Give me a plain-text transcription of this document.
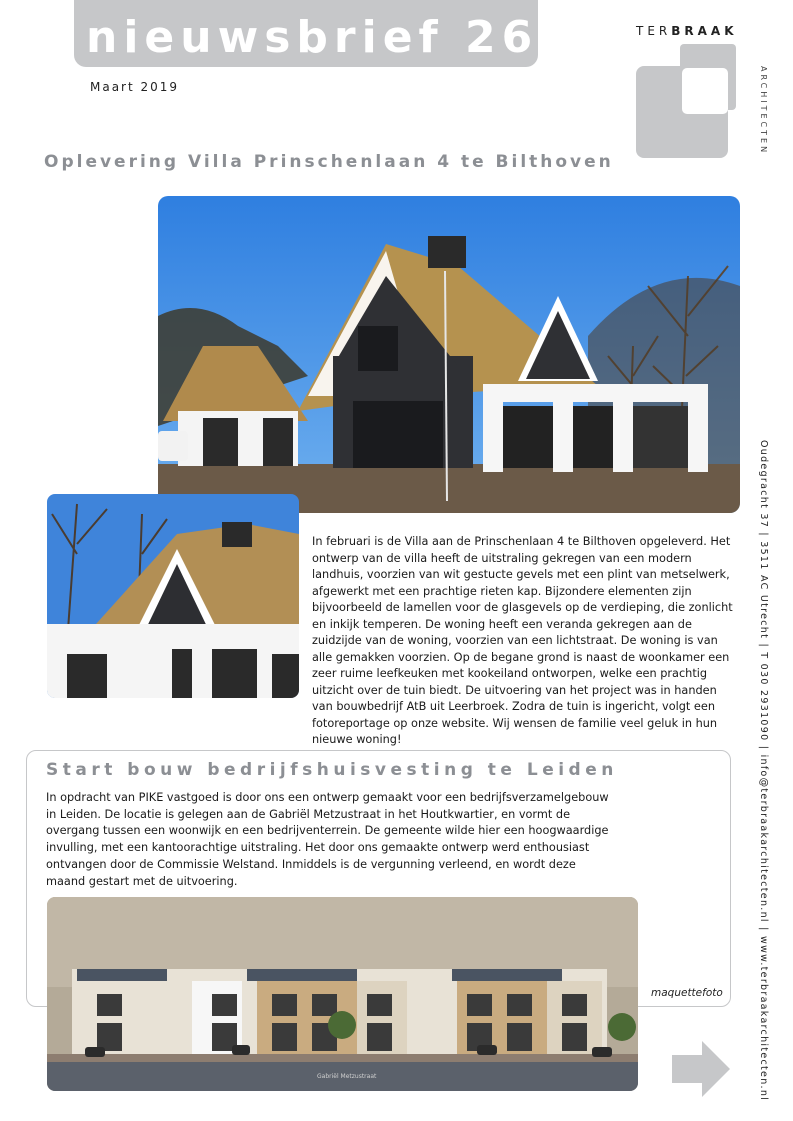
nieuwsbrief 26
Maart 2019
TERBRAAK
ARCHITECTEN
Oplevering Villa Prinschenlaan 4 te Bilthoven
In februari is de Villa aan de Prinschenlaan 4 te Bilthoven opgeleverd. Het ontwerp van de villa heeft de uitstraling gekregen van een modern landhuis, voorzien van wit gestucte gevels met een plint van metselwerk, afgewerkt met een prachtige rieten kap. Bijzondere elementen zijn bijvoorbeeld de lamellen voor de glasgevels op de verdieping, die zonlicht en inkijk temperen. De woning heeft een veranda gekregen aan de zuidzijde van de woning, voorzien van een lichtstraat. De woning is van alle gemakken voorzien. Op de begane grond is naast de woonkamer een zeer ruime leefkeuken met kookeiland ontworpen, welke een prachtig uitzicht over de tuin biedt. De uitvoering van het project was in handen van bouwbedrijf AtB uit Leerbroek. Zodra de tuin is ingericht, volgt een fotoreportage op onze website. Wij wensen de familie veel geluk in hun nieuwe woning!	Oudegracht 37 | 3511 AC Utrecht | T 030 2931090 | info@terbraakarchitecten.nl | www.terbraakarchitecten.nl
Start bouw bedrijfshuisvesting te Leiden
In opdracht van PIKE vastgoed is door ons een ontwerp gemaakt voor een bedrijfsverzamelgebouw in Leiden. De locatie is gelegen aan de Gabriël Metzustraat in het Houtkwartier, en vormt de overgang tussen een woonwijk en een bedrijventerrein. De gemeente wilde hier een hoogwaardige invulling, met een kantoorachtige uitstraling. Het door ons gemaakte ontwerp werd enthousiast ontvangen door de Commissie Welstand. Inmiddels is de vergunning verleend, en wordt deze maand gestart met de uitvoering.
Gabriël Metzustraat
maquettefoto
